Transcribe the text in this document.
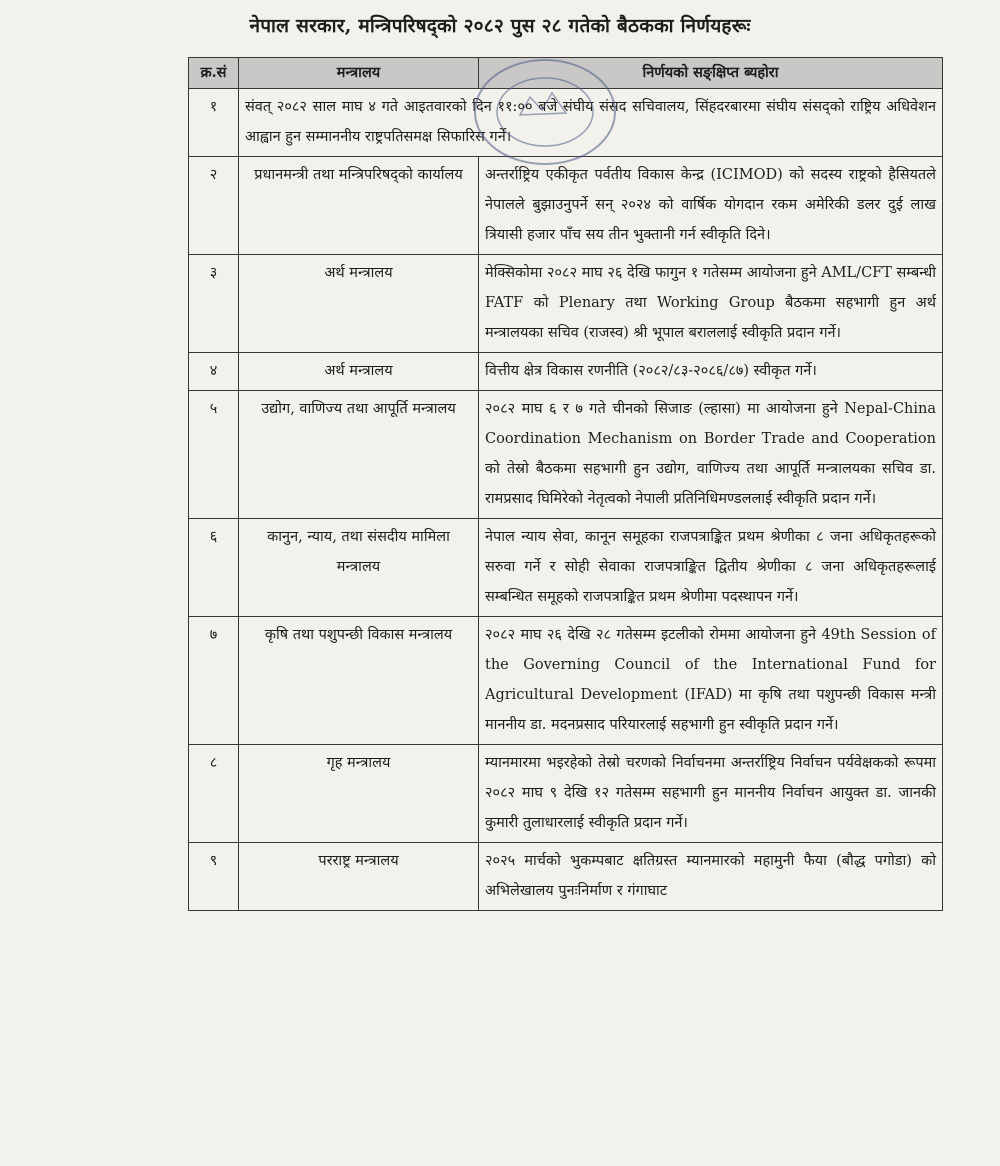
नेपाल सरकार, मन्त्रिपरिषद्को २०८२ पुस २८ गतेको बैठकका निर्णयहरूः
क्र.सं	मन्त्रालय	निर्णयको सङ्क्षिप्त ब्यहोरा
१	संवत् २०८२ साल माघ ४ गते आइतवारको दिन ११:०० बजे संघीय संसद सचिवालय, सिंहदरबारमा संघीय संसद्को राष्ट्रिय अधिवेशन आह्वान हुन सम्माननीय राष्ट्रपतिसमक्ष सिफारिस गर्ने।	
२	प्रधानमन्त्री तथा मन्त्रिपरिषद्को कार्यालय	अन्तर्राष्ट्रिय एकीकृत पर्वतीय विकास केन्द्र (ICIMOD) को सदस्य राष्ट्रको हैसियतले नेपालले बुझाउनुपर्ने सन् २०२४ को वार्षिक योगदान रकम अमेरिकी डलर दुई लाख त्रियासी हजार पाँच सय तीन भुक्तानी गर्न स्वीकृति दिने।
३	अर्थ मन्त्रालय	मेक्सिकोमा २०८२ माघ २६ देखि फागुन १ गतेसम्म आयोजना हुने AML/CFT सम्बन्धी FATF को Plenary तथा Working Group बैठकमा सहभागी हुन अर्थ मन्त्रालयका सचिव (राजस्व) श्री भूपाल बराललाई स्वीकृति प्रदान गर्ने।
४	अर्थ मन्त्रालय	वित्तीय क्षेत्र विकास रणनीति (२०८२/८३-२०८६/८७) स्वीकृत गर्ने।
५	उद्योग, वाणिज्य तथा आपूर्ति मन्त्रालय	२०८२ माघ ६ र ७ गते चीनको सिजाङ (ल्हासा) मा आयोजना हुने Nepal-China Coordination Mechanism on Border Trade and Cooperation को तेस्रो बैठकमा सहभागी हुन उद्योग, वाणिज्य तथा आपूर्ति मन्त्रालयका सचिव डा. रामप्रसाद घिमिरेको नेतृत्वको नेपाली प्रतिनिधिमण्डललाई स्वीकृति प्रदान गर्ने।
६	कानुन, न्याय, तथा संसदीय मामिला मन्त्रालय	नेपाल न्याय सेवा, कानून समूहका राजपत्राङ्कित प्रथम श्रेणीका ८ जना अधिकृतहरूको सरुवा गर्ने र सोही सेवाका राजपत्राङ्कित द्वितीय श्रेणीका ८ जना अधिकृतहरूलाई सम्बन्धित समूहको राजपत्राङ्कित प्रथम श्रेणीमा पदस्थापन गर्ने।
७	कृषि तथा पशुपन्छी विकास मन्त्रालय	२०८२ माघ २६ देखि २८ गतेसम्म इटलीको रोममा आयोजना हुने 49th Session of the Governing Council of the International Fund for Agricultural Development (IFAD) मा कृषि तथा पशुपन्छी विकास मन्त्री माननीय डा. मदनप्रसाद परियारलाई सहभागी हुन स्वीकृति प्रदान गर्ने।
८	गृह मन्त्रालय	म्यानमारमा भइरहेको तेस्रो चरणको निर्वाचनमा अन्तर्राष्ट्रिय निर्वाचन पर्यवेक्षकको रूपमा २०८२ माघ ९ देखि १२ गतेसम्म सहभागी हुन माननीय निर्वाचन आयुक्त डा. जानकी कुमारी तुलाधारलाई स्वीकृति प्रदान गर्ने।
९	परराष्ट्र मन्त्रालय	२०२५ मार्चको भुकम्पबाट क्षतिग्रस्त म्यानमारको महामुनी फैया (बौद्ध पगोडा) को अभिलेखालय पुनःनिर्माण र गंगाघाट
